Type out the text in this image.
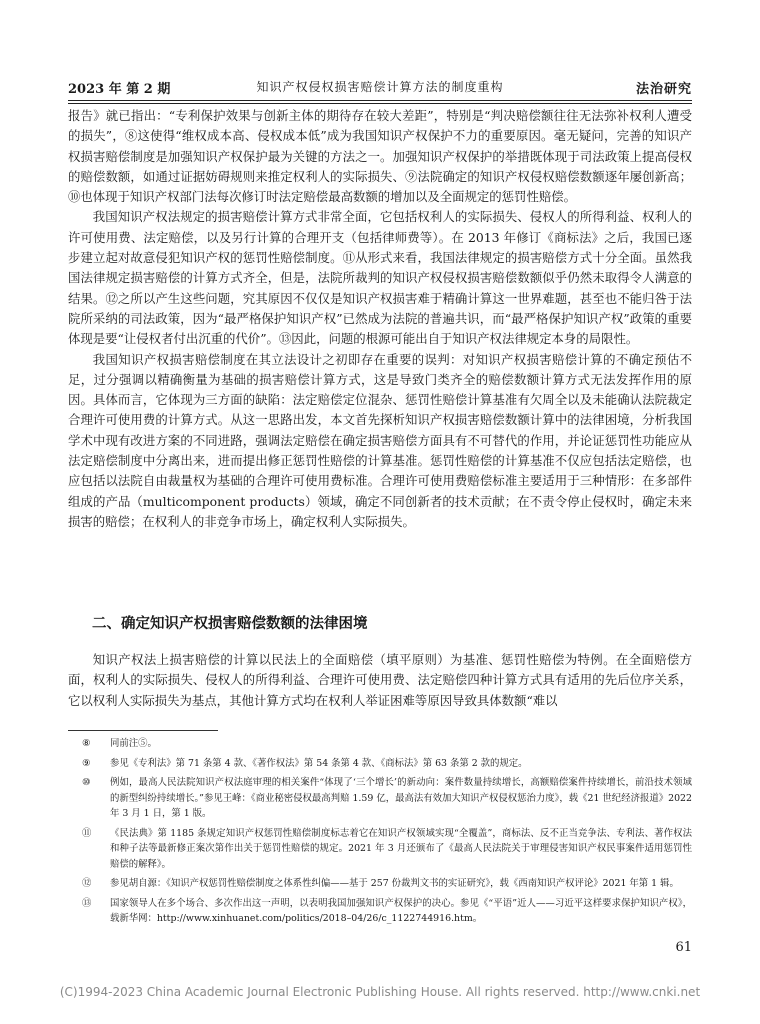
2023 年 第 2 期	知识产权侵权损害赔偿计算方法的制度重构	法治研究

报告》就已指出：“专利保护效果与创新主体的期待存在较大差距”，特别是“判决赔偿额往往无法弥补权利人遭受的损失”，⑧这使得“维权成本高、侵权成本低”成为我国知识产权保护不力的重要原因。毫无疑问，完善的知识产权损害赔偿制度是加强知识产权保护最为关键的方法之一。加强知识产权保护的举措既体现于司法政策上提高侵权的赔偿数额，如通过证据妨碍规则来推定权利人的实际损失、⑨法院确定的知识产权侵权赔偿数额逐年屡创新高；⑩也体现于知识产权部门法每次修订时法定赔偿最高数额的增加以及全面规定的惩罚性赔偿。

我国知识产权法规定的损害赔偿计算方式非常全面，它包括权利人的实际损失、侵权人的所得利益、权利人的许可使用费、法定赔偿，以及另行计算的合理开支（包括律师费等）。在 2013 年修订《商标法》之后，我国已逐步建立起对故意侵犯知识产权的惩罚性赔偿制度。⑪从形式来看，我国法律规定的损害赔偿方式十分全面。虽然我国法律规定损害赔偿的计算方式齐全，但是，法院所裁判的知识产权侵权损害赔偿数额似乎仍然未取得令人满意的结果。⑫之所以产生这些问题，究其原因不仅仅是知识产权损害难于精确计算这一世界难题，甚至也不能归咎于法院所采纳的司法政策，因为“最严格保护知识产权”已然成为法院的普遍共识，而“最严格保护知识产权”政策的重要体现是要“让侵权者付出沉重的代价”。⑬因此，问题的根源可能出自于知识产权法律规定本身的局限性。

我国知识产权损害赔偿制度在其立法设计之初即存在重要的误判：对知识产权损害赔偿计算的不确定预估不足，过分强调以精确衡量为基础的损害赔偿计算方式，这是导致门类齐全的赔偿数额计算方式无法发挥作用的原因。具体而言，它体现为三方面的缺陷：法定赔偿定位混杂、惩罚性赔偿计算基准有欠周全以及未能确认法院裁定合理许可使用费的计算方式。从这一思路出发，本文首先探析知识产权损害赔偿数额计算中的法律困境，分析我国学术中现有改进方案的不同进路，强调法定赔偿在确定损害赔偿方面具有不可替代的作用，并论证惩罚性功能应从法定赔偿制度中分离出来，进而提出修正惩罚性赔偿的计算基准。惩罚性赔偿的计算基准不仅应包括法定赔偿，也应包括以法院自由裁量权为基础的合理许可使用费标准。合理许可使用费赔偿标准主要适用于三种情形：在多部件组成的产品（multicomponent products）领域，确定不同创新者的技术贡献；在不责令停止侵权时，确定未来损害的赔偿；在权利人的非竞争市场上，确定权利人实际损失。

二、确定知识产权损害赔偿数额的法律困境

知识产权法上损害赔偿的计算以民法上的全面赔偿（填平原则）为基准、惩罚性赔偿为特例。在全面赔偿方面，权利人的实际损失、侵权人的所得利益、合理许可使用费、法定赔偿四种计算方式具有适用的先后位序关系，它以权利人实际损失为基点，其他计算方式均在权利人举证困难等原因导致具体数额“难以

⑧	同前注⑤。
⑨	参见《专利法》第 71 条第 4 款、《著作权法》第 54 条第 4 款、《商标法》第 63 条第 2 款的规定。
⑩	例如，最高人民法院知识产权法庭审理的相关案件“体现了‘三个增长’的新动向：案件数量持续增长，高额赔偿案件持续增长，前沿技术领域的新型纠纷持续增长。”参见王峰：《商业秘密侵权最高判赔 1.59 亿，最高法有效加大知识产权侵权惩治力度》，载《21 世纪经济报道》2022 年 3 月 1 日，第 1 版。
⑪	《民法典》第 1185 条规定知识产权惩罚性赔偿制度标志着它在知识产权领域实现“全覆盖”，商标法、反不正当竞争法、专利法、著作权法和种子法等最新修正案次第作出关于惩罚性赔偿的规定。2021 年 3 月还颁布了《最高人民法院关于审理侵害知识产权民事案件适用惩罚性赔偿的解释》。
⑫	参见胡自源：《知识产权惩罚性赔偿制度之体系性纠偏——基于 257 份裁判文书的实证研究》，载《西南知识产权评论》2021 年第 1 辑。
⑬	国家领导人在多个场合、多次作出这一声明，以表明我国加强知识产权保护的决心。参见《“平语”近人——习近平这样要求保护知识产权》，载新华网：http://www.xinhuanet.com/politics/2018–04/26/c_1122744916.htm。
61
(C)1994-2023 China Academic Journal Electronic Publishing House. All rights reserved. http://www.cnki.net
